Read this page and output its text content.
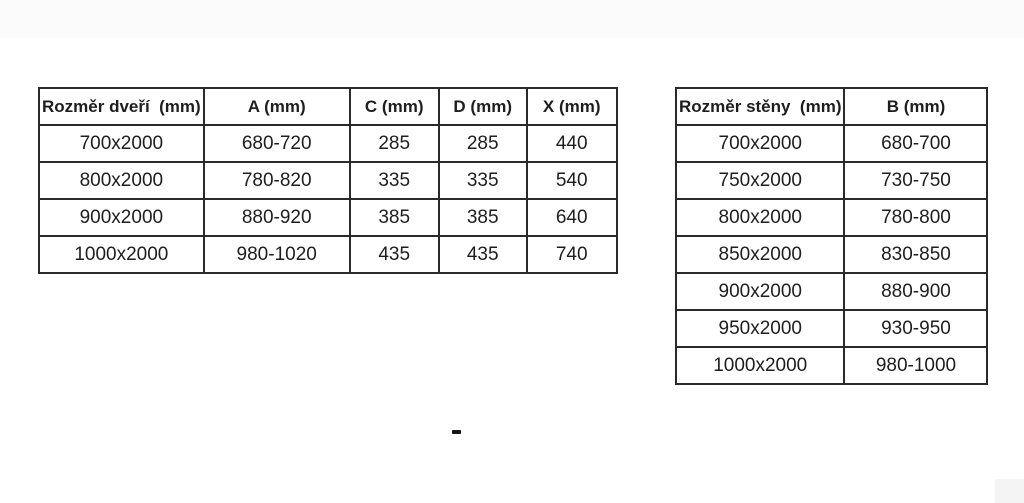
Rozměr dveří  (mm)	A (mm)	C (mm)	D (mm)	X (mm)
700x2000	680-720	285	285	440
800x2000	780-820	335	335	540
900x2000	880-920	385	385	640
1000x2000	980-1020	435	435	740
Rozměr stěny  (mm)	B (mm)
700x2000	680-700
750x2000	730-750
800x2000	780-800
850x2000	830-850
900x2000	880-900
950x2000	930-950
1000x2000	980-1000
